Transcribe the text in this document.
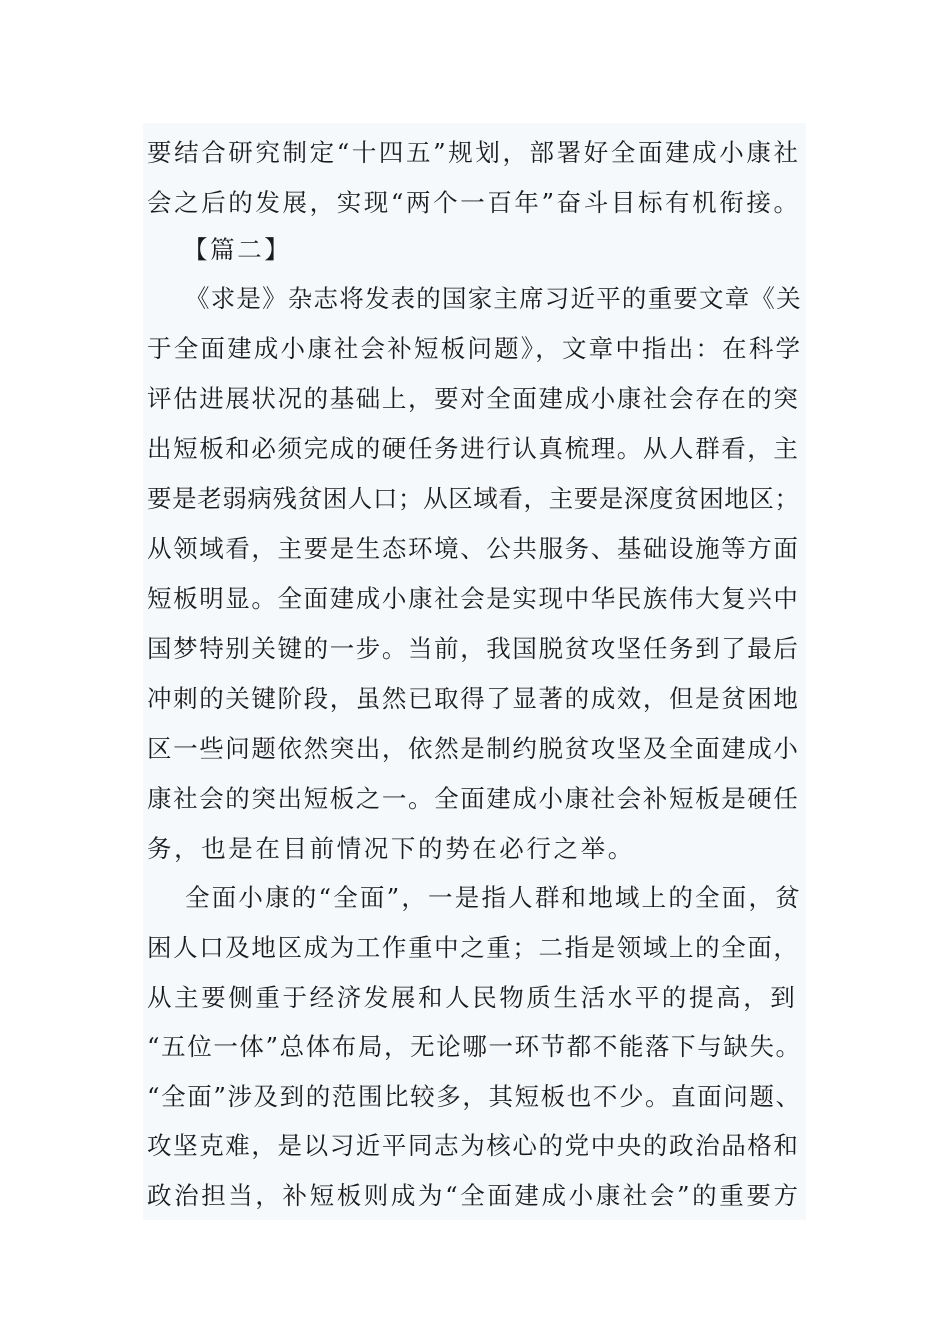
要结合研究制定“十四五”规划，部署好全面建成小康社
会之后的发展，实现“两个一百年”奋斗目标有机衔接。
【篇二】
《求是》杂志将发表的国家主席习近平的重要文章《关
于全面建成小康社会补短板问题》，文章中指出：在科学
评估进展状况的基础上，要对全面建成小康社会存在的突
出短板和必须完成的硬任务进行认真梳理。从人群看，主
要是老弱病残贫困人口；从区域看，主要是深度贫困地区；
从领域看，主要是生态环境、公共服务、基础设施等方面
短板明显。全面建成小康社会是实现中华民族伟大复兴中
国梦特别关键的一步。当前，我国脱贫攻坚任务到了最后
冲刺的关键阶段，虽然已取得了显著的成效，但是贫困地
区一些问题依然突出，依然是制约脱贫攻坚及全面建成小
康社会的突出短板之一。全面建成小康社会补短板是硬任
务，也是在目前情况下的势在必行之举。
全面小康的“全面”，一是指人群和地域上的全面，贫
困人口及地区成为工作重中之重；二指是领域上的全面，
从主要侧重于经济发展和人民物质生活水平的提高，到
“五位一体”总体布局，无论哪一环节都不能落下与缺失。
“全面”涉及到的范围比较多，其短板也不少。直面问题、
攻坚克难，是以习近平同志为核心的党中央的政治品格和
政治担当，补短板则成为“全面建成小康社会”的重要方
